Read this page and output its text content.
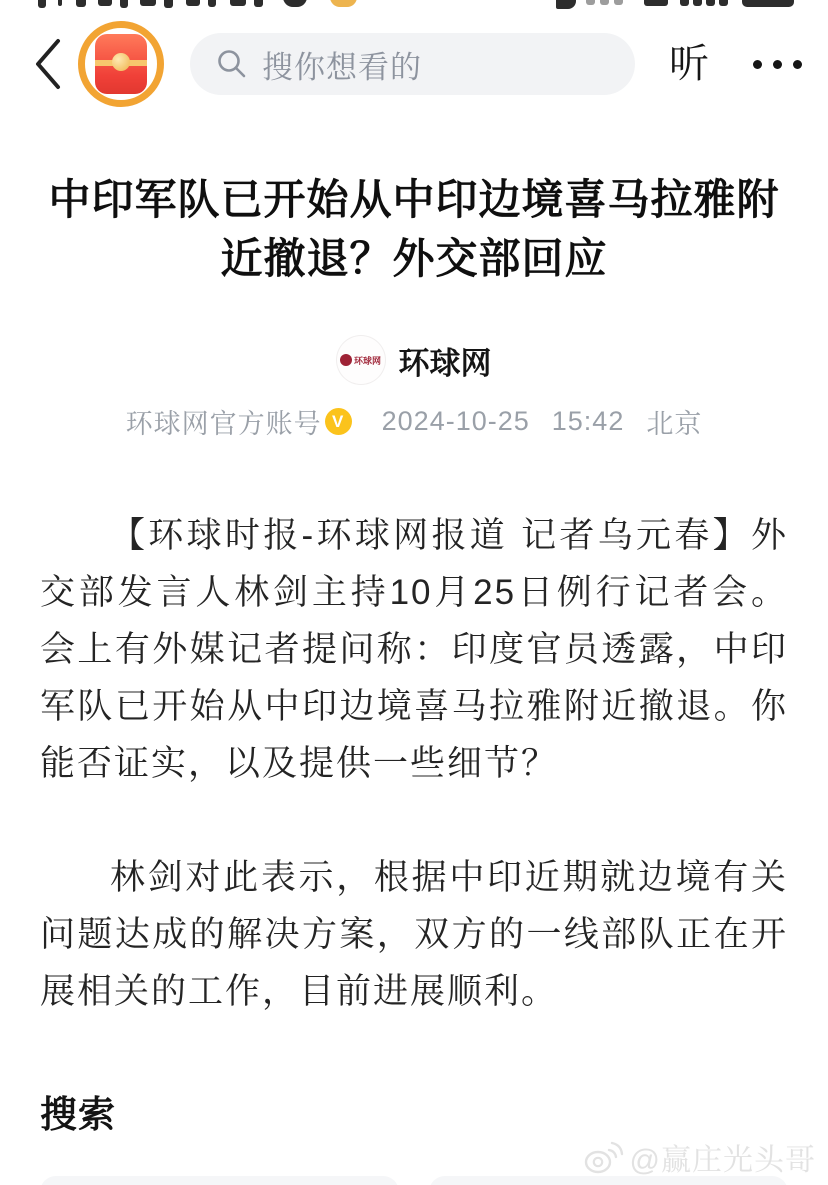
搜你想看的	听
中印军队已开始从中印边境喜马拉雅附近撤退？外交部回应
环球网 环球网
环球网官方账号 V 2024-10-25 15:42 北京

【环球时报-环球网报道 记者乌元春】外交部发言人林剑主持10月25日例行记者会。会上有外媒记者提问称：印度官员透露，中印军队已开始从中印边境喜马拉雅附近撤退。你能否证实，以及提供一些细节？

林剑对此表示，根据中印近期就边境有关问题达成的解决方案，双方的一线部队正在开展相关的工作，目前进展顺利。

搜索
@赢庄光头哥
